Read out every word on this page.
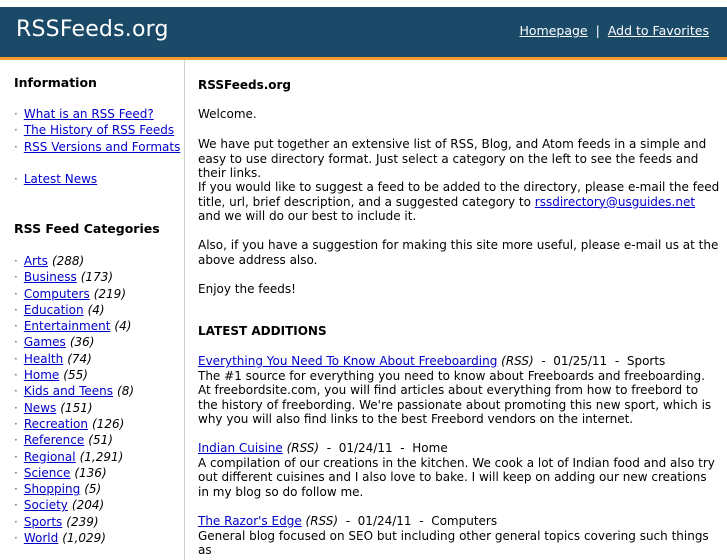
RSSFeeds.org	Homepage | Add to Favorites
Information
· What is an RSS Feed?
· The History of RSS Feeds
· RSS Versions and Formats
· Latest News
RSS Feed Categories
· Arts (288)
· Business (173)
· Computers (219)
· Education (4)
· Entertainment (4)
· Games (36)
· Health (74)
· Home (55)
· Kids and Teens (8)
· News (151)
· Recreation (126)
· Reference (51)
· Regional (1,291)
· Science (136)
· Shopping (5)
· Society (204)
· Sports (239)
· World (1,029)
RSSFeeds.org

Welcome.

We have put together an extensive list of RSS, Blog, and Atom feeds in a simple and easy to use directory format. Just select a category on the left to see the feeds and their links.

If you would like to suggest a feed to be added to the directory, please e-mail the feed title, url, brief description, and a suggested category to rssdirectory@usguides.net and we will do our best to include it.

Also, if you have a suggestion for making this site more useful, please e-mail us at the above address also.

Enjoy the feeds!

LATEST ADDITIONS

Everything You Need To Know About Freeboarding (RSS) - 01/25/11 - Sports
The #1 source for everything you need to know about Freeboards and freeboarding. At freebordsite.com, you will find articles about everything from how to freebord to the history of freebording. We're passionate about promoting this new sport, which is why you will also find links to the best Freebord vendors on the internet.
Indian Cuisine (RSS) - 01/24/11 - Home
A compilation of our creations in the kitchen. We cook a lot of Indian food and also try out different cuisines and I also love to bake. I will keep on adding our new creations in my blog so do follow me.
The Razor's Edge (RSS) - 01/24/11 - Computers
General blog focused on SEO but including other general topics covering such things as
